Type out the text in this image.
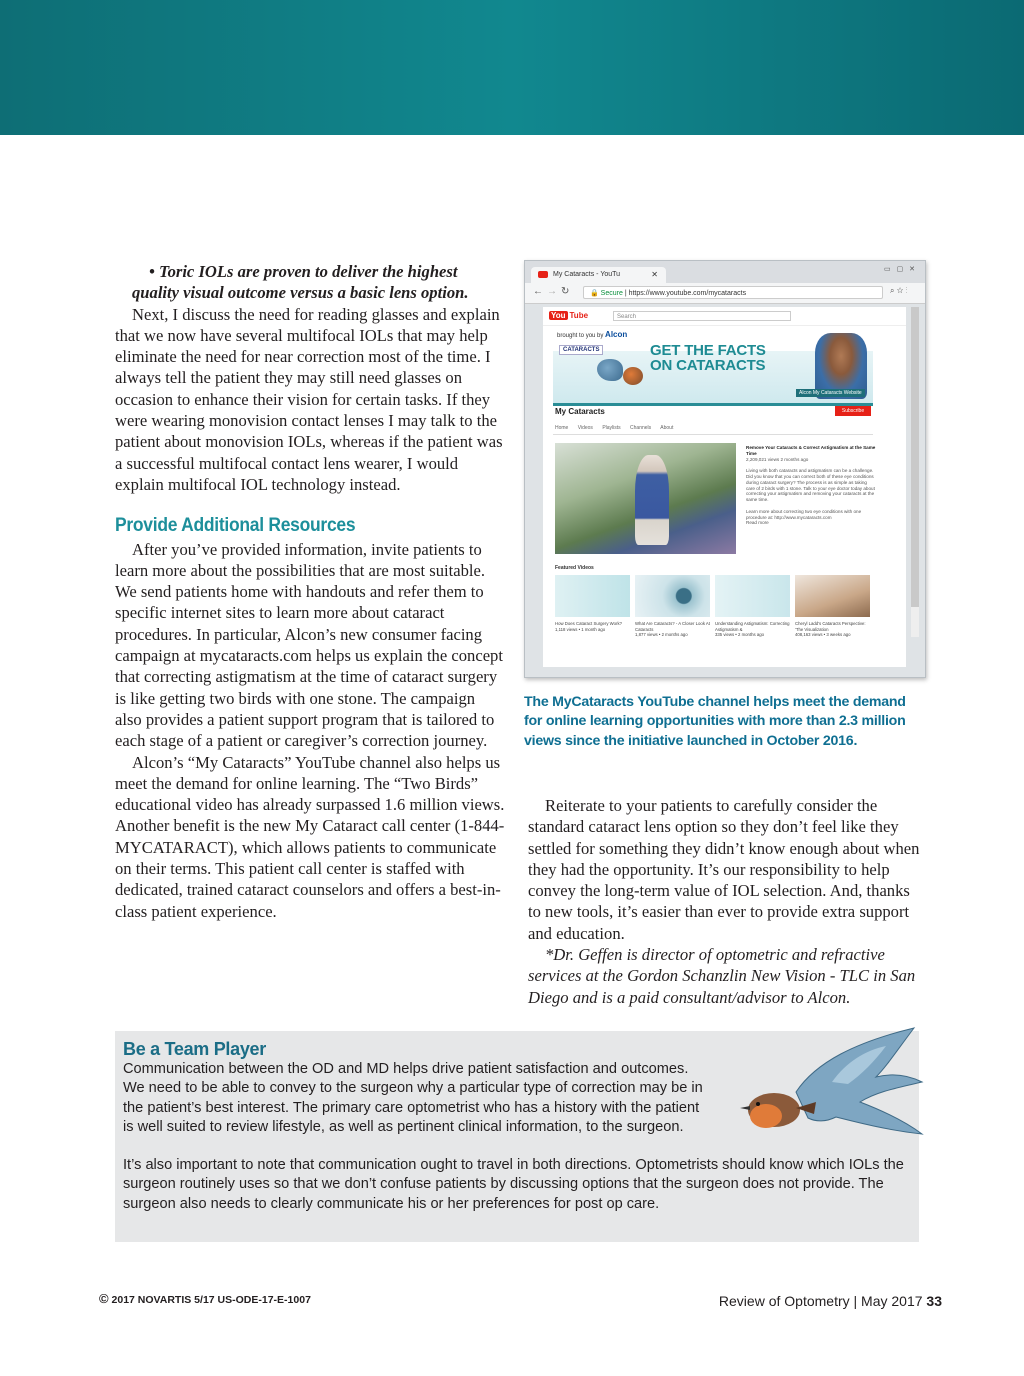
• Toric IOLs are proven to deliver the highest quality visual outcome versus a basic lens option.

Next, I discuss the need for reading glasses and explain that we now have several multifocal IOLs that may help eliminate the need for near correction most of the time. I always tell the patient they may still need glasses on occasion to enhance their vision for certain tasks. If they were wearing monovision contact lenses I may talk to the patient about monovision IOLs, whereas if the patient was a successful multifocal contact lens wearer, I would explain multifocal IOL technology instead.

Provide Additional Resources

After you’ve provided information, invite patients to learn more about the possibilities that are most suitable. We send patients home with handouts and refer them to specific internet sites to learn more about cataract procedures. In particular, Alcon’s new consumer facing campaign at mycataracts.com helps us explain the concept that correcting astigmatism at the time of cataract surgery is like getting two birds with one stone. The campaign also provides a patient support program that is tailored to each stage of a patient or caregiver’s correction journey.

Alcon’s “My Cataracts” YouTube channel also helps us meet the demand for online learning. The “Two Birds” educational video has already surpassed 1.6 million views. Another benefit is the new My Cataract call center (1-844-MYCATARACT), which allows patients to communicate on their terms. This patient call center is staffed with dedicated, trained cataract counselors and offers a best-in-class patient experience.

My Cataracts - YouTu	✕
▭ ▢ ✕
← → ↻	🔒 Secure | https://www.youtube.com/mycataracts	⌕ ☆ ⋮
You Tube	Search
brought to you by Alcon
CATARACTS	GET THE FACTS
ON CATARACTS
Alcon My Cataracts Website
My Cataracts	Subscribe
Home Videos Playlists Channels About
Remove Your Cataracts & Correct Astigmatism at the Same Time
2,209,021 views 2 months ago

Living with both cataracts and astigmatism can be a challenge. Did you know that you can correct both of these eye conditions during cataract surgery? The process is as simple as taking care of 2 birds with 1 stone. Talk to your eye doctor today about correcting your astigmatism and removing your cataracts at the same time.

Learn more about correcting two eye conditions with one procedure at: http://www.mycataracts.com
Read more
Featured Videos
How Does Cataract Surgery Work?
1,118 views • 1 month ago
What Are Cataracts? - A Closer Look At Cataracts
1,877 views • 2 months ago
Understanding Astigmatism: Correcting Astigmatism &
335 views • 2 months ago
Cheryl Ladd's Cataracts Perspective: 'The Visualization
408,163 views • 3 weeks ago
The MyCataracts YouTube channel helps meet the demand for online learning opportunities with more than 2.3 million views since the initiative launched in October 2016.

Reiterate to your patients to carefully consider the standard cataract lens option so they don’t feel like they settled for something they didn’t know enough about when they had the opportunity. It’s our responsibility to help convey the long-term value of IOL selection. And, thanks to new tools, it’s easier than ever to provide extra support and education.

*Dr. Geffen is director of optometric and refractive services at the Gordon Schanzlin New Vision - TLC in San Diego and is a paid consultant/advisor to Alcon.

Be a Team Player

Communication between the OD and MD helps drive patient satisfaction and outcomes. We need to be able to convey to the surgeon why a particular type of correction may be in the patient’s best interest. The primary care optometrist who has a history with the patient is well suited to review lifestyle, as well as pertinent clinical information, to the surgeon.

It’s also important to note that communication ought to travel in both directions. Optometrists should know which IOLs the surgeon routinely uses so that we don’t confuse patients by discussing options that the surgeon does not provide. The surgeon also needs to clearly communicate his or her preferences for post op care.

© 2017 NOVARTIS 5/17 US-ODE-17-E-1007	Review of Optometry | May 2017 33
